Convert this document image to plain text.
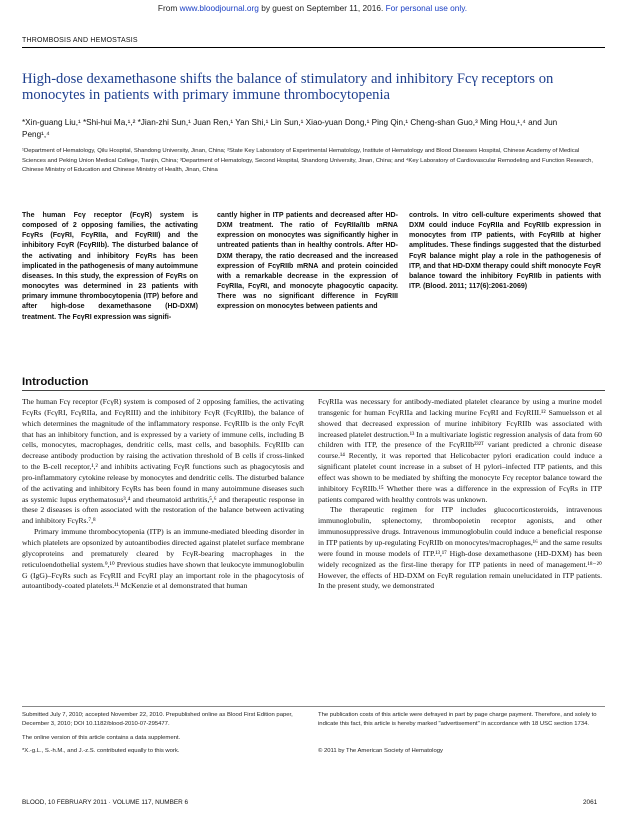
From www.bloodjournal.org by guest on September 11, 2016. For personal use only.
THROMBOSIS AND HEMOSTASIS
High-dose dexamethasone shifts the balance of stimulatory and inhibitory Fcγ receptors on monocytes in patients with primary immune thrombocytopenia
*Xin-guang Liu,¹ *Shi-hui Ma,¹,² *Jian-zhi Sun,¹ Juan Ren,¹ Yan Shi,¹ Lin Sun,¹ Xiao-yuan Dong,¹ Ping Qin,¹ Cheng-shan Guo,³ Ming Hou,¹,⁴ and Jun Peng¹,⁴
¹Department of Hematology, Qilu Hospital, Shandong University, Jinan, China; ²State Key Laboratory of Experimental Hematology, Institute of Hematology and Blood Diseases Hospital, Chinese Academy of Medical Sciences and Peking Union Medical College, Tianjin, China; ³Department of Hematology, Second Hospital, Shandong University, Jinan, China; and ⁴Key Laboratory of Cardiovascular Remodeling and Function Research, Chinese Ministry of Education and Chinese Ministry of Health, Jinan, China
The human Fcγ receptor (FcγR) system is composed of 2 opposing families, the activating FcγRs (FcγRI, FcγRIIa, and FcγRIII) and the inhibitory FcγR (FcγRIIb). The disturbed balance of the activating and inhibitory FcγRs has been implicated in the pathogenesis of many autoimmune diseases. In this study, the expression of FcγRs on monocytes was determined in 23 patients with primary immune thrombocytopenia (ITP) before and after high-dose dexamethasone (HD-DXM) treatment. The FcγRI expression was signifi-
cantly higher in ITP patients and decreased after HD-DXM treatment. The ratio of FcγRIIa/IIb mRNA expression on monocytes was significantly higher in untreated patients than in healthy controls. After HD-DXM therapy, the ratio decreased and the increased expression of FcγRIIb mRNA and protein coincided with a remarkable decrease in the expression of FcγRIIa, FcγRI, and monocyte phagocytic capacity. There was no significant difference in FcγRIII expression on monocytes between patients and
controls. In vitro cell-culture experiments showed that DXM could induce FcγRIIa and FcγRIIb expression in monocytes from ITP patients, with FcγRIIb at higher amplitudes. These findings suggested that the disturbed FcγR balance might play a role in the pathogenesis of ITP, and that HD-DXM therapy could shift monocyte FcγR balance toward the inhibitory FcγRIIb in patients with ITP. (Blood. 2011; 117(6):2061-2069)
Introduction

The human Fcγ receptor (FcγR) system is composed of 2 opposing families, the activating FcγRs (FcγRI, FcγRIIa, and FcγRIII) and the inhibitory FcγR (FcγRIIb), the balance of which determines the magnitude of the inflammatory response. FcγRIIb is the only FcγR that has an inhibitory function, and is expressed by a variety of immune cells, including B cells, monocytes, macrophages, dendritic cells, mast cells, and basophils. FcγRIIb can decrease antibody production by raising the activation threshold of B cells if cross-linked to the B-cell receptor,¹,² and inhibits activating FcγR functions such as phagocytosis and pro-inflammatory cytokine release by monocytes and dendritic cells. The disturbed balance of the activating and inhibitory FcγRs has been found in many autoimmune diseases such as systemic lupus erythematosus³,⁴ and rheumatoid arthritis,⁵,⁶ and therapeutic response in these 2 diseases is often associated with the restoration of the balance between activating and inhibitory FcγRs.⁷,⁸

Primary immune thrombocytopenia (ITP) is an immune-mediated bleeding disorder in which platelets are opsonized by autoantibodies directed against platelet surface membrane glycoproteins and prematurely cleared by FcγR-bearing macrophages in the reticuloendothelial system.⁹,¹⁰ Previous studies have shown that leukocyte immunoglobulin G (IgG)–FcγRs such as FcγRII and FcγRI play an important role in the phagocytosis of autoantibody-coated platelets.¹¹ McKenzie et al demonstrated that human

FcγRIIa was necessary for antibody-mediated platelet clearance by using a murine model transgenic for human FcγRIIa and lacking murine FcγRI and FcγRIII.¹² Samuelsson et al showed that decreased expression of murine inhibitory FcγRIIb was associated with increased platelet destruction.¹³ In a multivariate logistic regression analysis of data from 60 children with ITP, the presence of the FcγRIIb²³²ᵀ variant predicted a chronic disease course.¹⁴ Recently, it was reported that Helicobacter pylori eradication could induce a significant platelet count increase in a subset of H pylori–infected ITP patients, and this effect was shown to be mediated by shifting the monocyte Fcγ receptor balance toward the inhibitory FcγRIIb.¹⁵ Whether there was a difference in the expression of FcγRs in ITP patients compared with healthy controls was unknown.

The therapeutic regimen for ITP includes glucocorticosteroids, intravenous immunoglobulin, splenectomy, thrombopoietin receptor agonists, and other immunosuppressive drugs. Intravenous immunoglobulin could induce a beneficial response in ITP patients by up-regulating FcγRIIb on monocytes/macrophages,¹⁶ and the same results were found in mouse models of ITP.¹³,¹⁷ High-dose dexamethasone (HD-DXM) has been widely recognized as the first-line therapy for ITP patients in need of management.¹⁸⁻²⁰ However, the effects of HD-DXM on FcγR regulation remain unelucidated in ITP patients. In the present study, we demonstrated

Submitted July 7, 2010; accepted November 22, 2010. Prepublished online as Blood First Edition paper, December 3, 2010; DOI 10.1182/blood-2010-07-295477.
The online version of this article contains a data supplement.
*X.-g.L., S.-h.M., and J.-z.S. contributed equally to this work.
The publication costs of this article were defrayed in part by page charge payment. Therefore, and solely to indicate this fact, this article is hereby marked "advertisement" in accordance with 18 USC section 1734.
© 2011 by The American Society of Hematology
BLOOD, 10 FEBRUARY 2011 · VOLUME 117, NUMBER 6	2061
